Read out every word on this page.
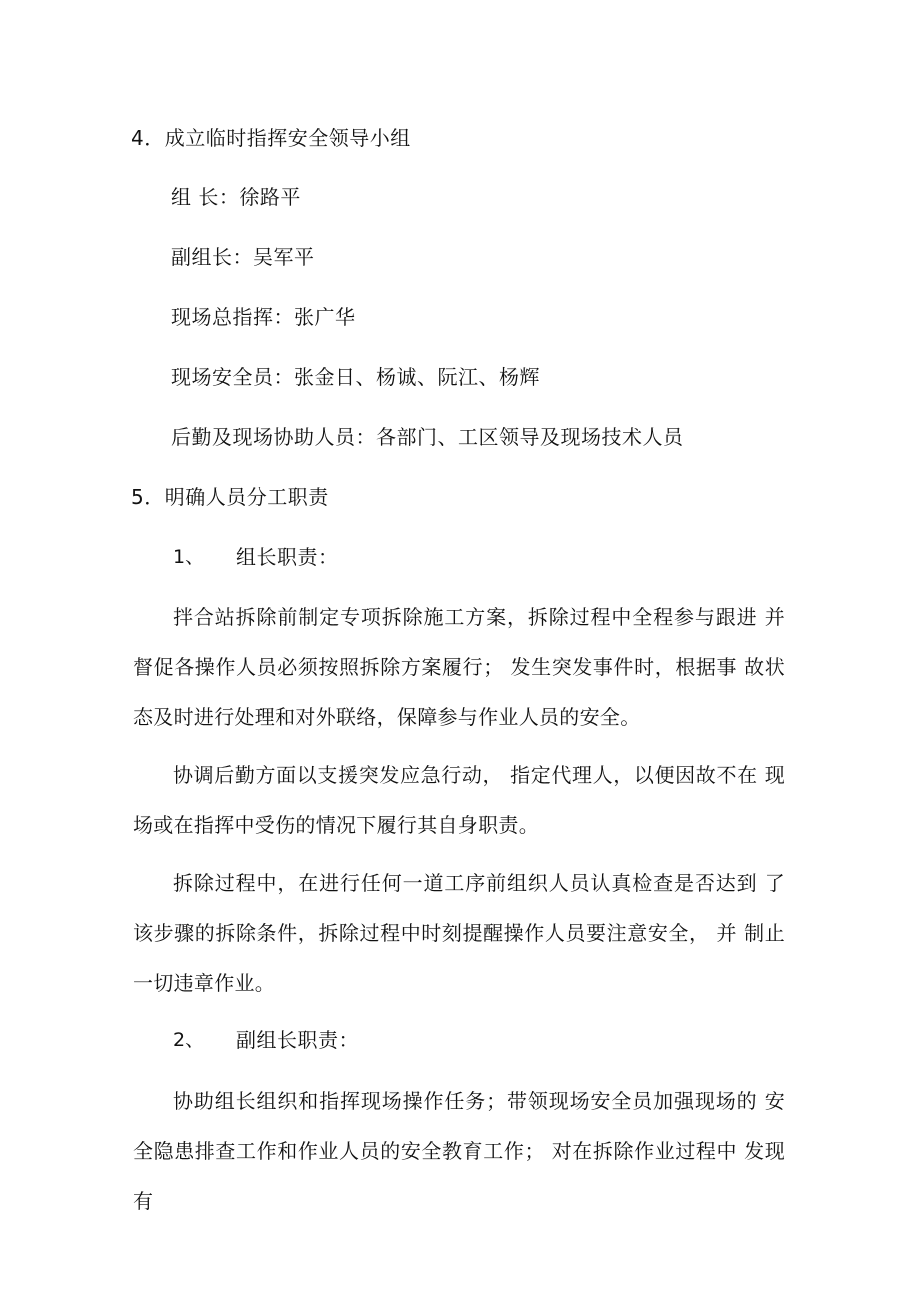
4．成立临时指挥安全领导小组
组 长：徐路平
副组长：吴军平
现场总指挥：张广华
现场安全员：张金日、杨诚、阮江、杨辉
后勤及现场协助人员：各部门、工区领导及现场技术人员
5．明确人员分工职责
1、 组长职责：

拌合站拆除前制定专项拆除施工方案，拆除过程中全程参与跟进 并督促各操作人员必须按照拆除方案履行； 发生突发事件时，根据事 故状态及时进行处理和对外联络，保障参与作业人员的安全。

协调后勤方面以支援突发应急行动， 指定代理人，以便因故不在 现场或在指挥中受伤的情况下履行其自身职责。

拆除过程中，在进行任何一道工序前组织人员认真检查是否达到 了该步骤的拆除条件，拆除过程中时刻提醒操作人员要注意安全， 并 制止一切违章作业。

2、 副组长职责：

协助组长组织和指挥现场操作任务；带领现场安全员加强现场的 安全隐患排查工作和作业人员的安全教育工作； 对在拆除作业过程中 发现有
